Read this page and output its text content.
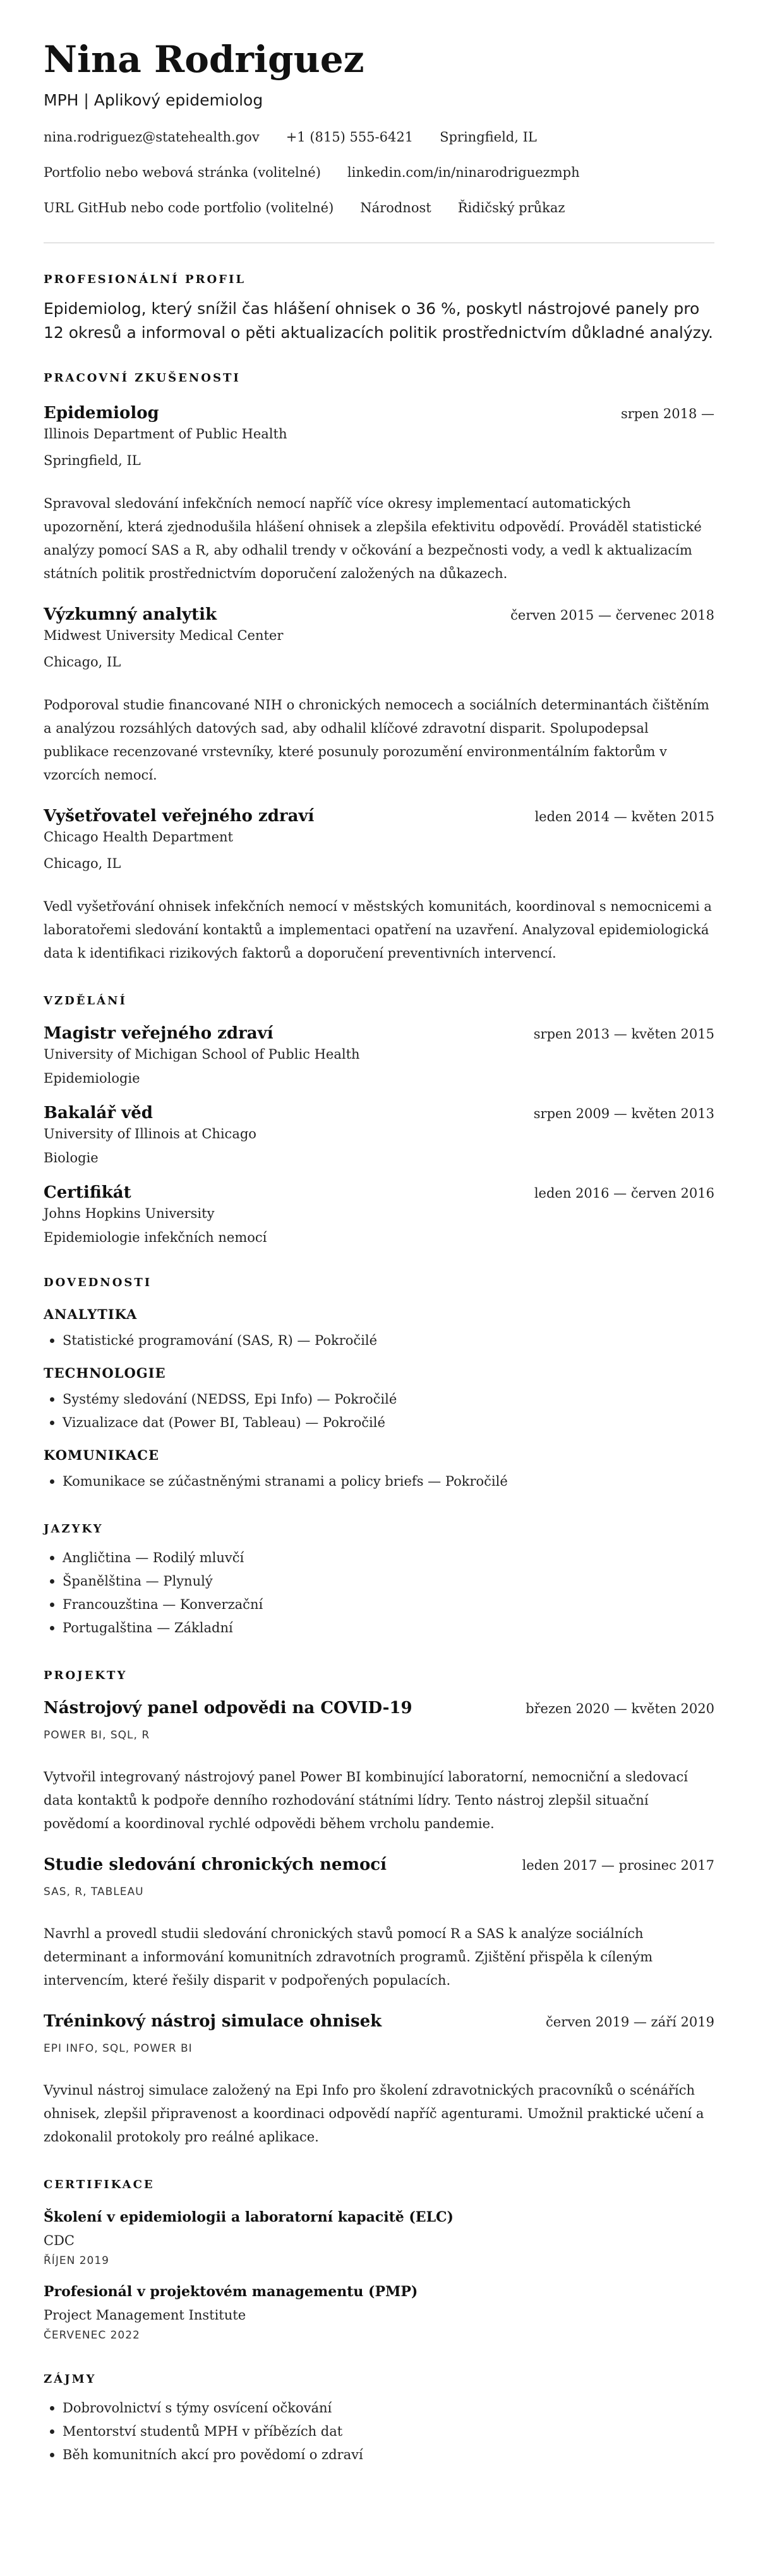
Nina Rodriguez
MPH | Aplikový epidemiolog
nina.rodriguez@statehealth.gov +1 (815) 555-6421 Springfield, IL
Portfolio nebo webová stránka (volitelné) linkedin.com/in/ninarodriguezmph
URL GitHub nebo code portfolio (volitelné) Národnost Řidičský průkaz
PROFESIONÁLNÍ PROFIL

Epidemiolog, který snížil čas hlášení ohnisek o 36 %, poskytl nástrojové panely pro 12 okresů a informoval o pěti aktualizacích politik prostřednictvím důkladné analýzy.

PRACOVNÍ ZKUŠENOSTI
Epidemiolog	srpen 2018 —
Illinois Department of Public Health
Springfield, IL

Spravoval sledování infekčních nemocí napříč více okresy implementací automatických upozornění, která zjednodušila hlášení ohnisek a zlepšila efektivitu odpovědí. Prováděl statistické analýzy pomocí SAS a R, aby odhalil trendy v očkování a bezpečnosti vody, a vedl k aktualizacím státních politik prostřednictvím doporučení založených na důkazech.

Výzkumný analytik	červen 2015 — červenec 2018
Midwest University Medical Center
Chicago, IL

Podporoval studie financované NIH o chronických nemocech a sociálních determinantách čištěním a analýzou rozsáhlých datových sad, aby odhalil klíčové zdravotní disparit. Spolupodepsal publikace recenzované vrstevníky, které posunuly porozumění environmentálním faktorům v vzorcích nemocí.

Vyšetřovatel veřejného zdraví	leden 2014 — květen 2015
Chicago Health Department
Chicago, IL

Vedl vyšetřování ohnisek infekčních nemocí v městských komunitách, koordinoval s nemocnicemi a laboratořemi sledování kontaktů a implementaci opatření na uzavření. Analyzoval epidemiologická data k identifikaci rizikových faktorů a doporučení preventivních intervencí.

VZDĚLÁNÍ
Magistr veřejného zdraví	srpen 2013 — květen 2015
University of Michigan School of Public Health
Epidemiologie
Bakalář věd	srpen 2009 — květen 2013
University of Illinois at Chicago
Biologie
Certifikát	leden 2016 — červen 2016
Johns Hopkins University
Epidemiologie infekčních nemocí
DOVEDNOSTI
ANALYTIKA
Statistické programování (SAS, R) — Pokročilé
TECHNOLOGIE
Systémy sledování (NEDSS, Epi Info) — Pokročilé
Vizualizace dat (Power BI, Tableau) — Pokročilé
KOMUNIKACE
Komunikace se zúčastněnými stranami a policy briefs — Pokročilé
JAZYKY
Angličtina — Rodilý mluvčí
Španělština — Plynulý
Francouzština — Konverzační
Portugalština — Základní
PROJEKTY
Nástrojový panel odpovědi na COVID-19	březen 2020 — květen 2020
POWER BI, SQL, R

Vytvořil integrovaný nástrojový panel Power BI kombinující laboratorní, nemocniční a sledovací data kontaktů k podpoře denního rozhodování státními lídry. Tento nástroj zlepšil situační povědomí a koordinoval rychlé odpovědi během vrcholu pandemie.

Studie sledování chronických nemocí	leden 2017 — prosinec 2017
SAS, R, TABLEAU

Navrhl a provedl studii sledování chronických stavů pomocí R a SAS k analýze sociálních determinant a informování komunitních zdravotních programů. Zjištění přispěla k cíleným intervencím, které řešily disparit v podpořených populacích.

Tréninkový nástroj simulace ohnisek	červen 2019 — září 2019
EPI INFO, SQL, POWER BI

Vyvinul nástroj simulace založený na Epi Info pro školení zdravotnických pracovníků o scénářích ohnisek, zlepšil připravenost a koordinaci odpovědí napříč agenturami. Umožnil praktické učení a zdokonalil protokoly pro reálné aplikace.

CERTIFIKACE
Školení v epidemiologii a laboratorní kapacitě (ELC)
CDC
ŘÍJEN 2019
Profesionál v projektovém managementu (PMP)
Project Management Institute
ČERVENEC 2022
ZÁJMY
Dobrovolnictví s týmy osvícení očkování
Mentorství studentů MPH v příbězích dat
Běh komunitních akcí pro povědomí o zdraví
